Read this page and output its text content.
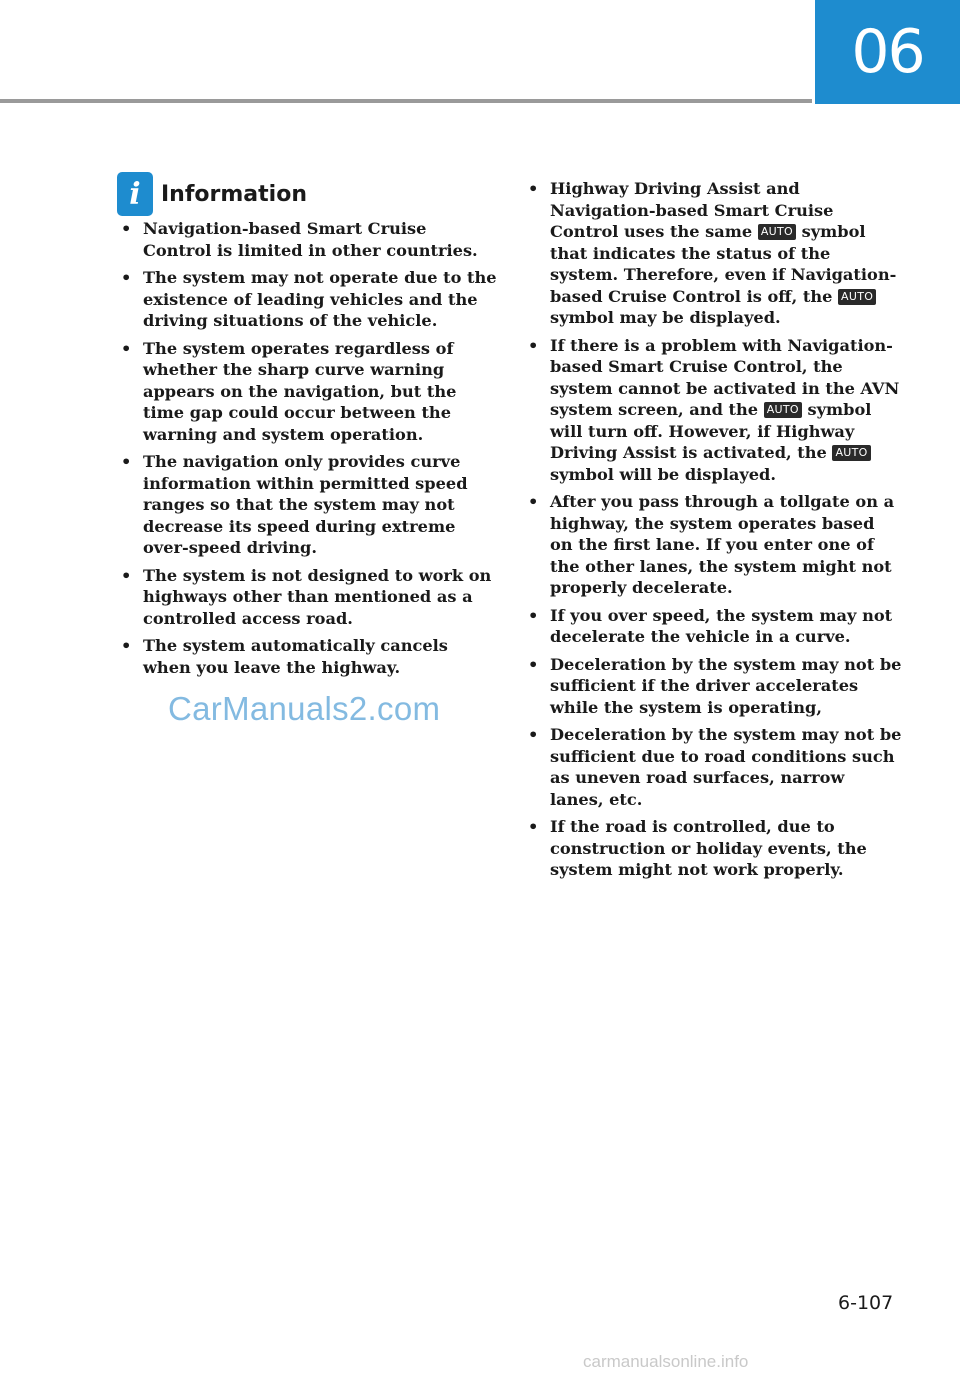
06
i Information
• Navigation-based Smart Cruise Control is limited in other countries.
• The system may not operate due to the existence of leading vehicles and the driving situations of the vehicle.
• The system operates regardless of whether the sharp curve warning appears on the navigation, but the time gap could occur between the warning and system operation.
• The navigation only provides curve information within permitted speed ranges so that the system may not decrease its speed during extreme over-speed driving.
• The system is not designed to work on highways other than mentioned as a controlled access road.
• The system automatically cancels when you leave the highway.
• Highway Driving Assist and Navigation-based Smart Cruise Control uses the same AUTO symbol that indicates the status of the system. Therefore, even if Navigation-based Cruise Control is off, the AUTO symbol may be displayed.
• If there is a problem with Navigation-based Smart Cruise Control, the system cannot be activated in the AVN system screen, and the AUTO symbol will turn off. However, if Highway Driving Assist is activated, the AUTO symbol will be displayed.
• After you pass through a tollgate on a highway, the system operates based on the first lane. If you enter one of the other lanes, the system might not properly decelerate.
• If you over speed, the system may not decelerate the vehicle in a curve.
• Deceleration by the system may not be sufficient if the driver accelerates while the system is operating,
• Deceleration by the system may not be sufficient due to road conditions such as uneven road surfaces, narrow lanes, etc.
• If the road is controlled, due to construction or holiday events, the system might not work properly.
CarManuals2.com
6-107
carmanualsonline.info
